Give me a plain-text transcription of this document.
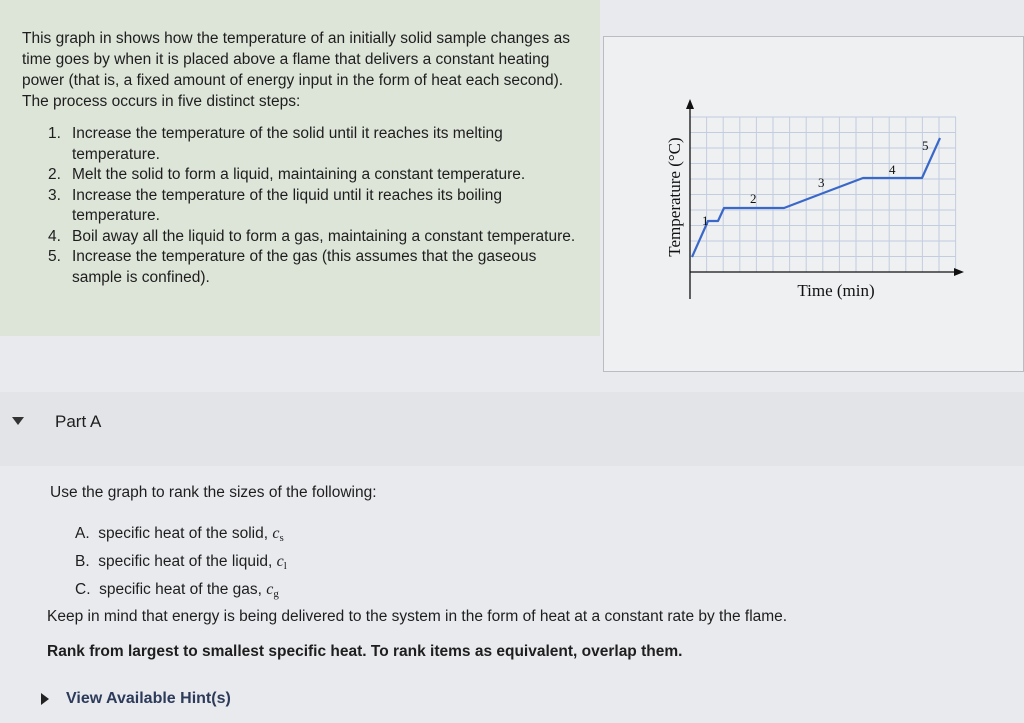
This graph in shows how the temperature of an initially solid sample changes as time goes by when it is placed above a flame that delivers a constant heating power (that is, a fixed amount of energy input in the form of heat each second). The process occurs in five distinct steps:

1. Increase the temperature of the solid until it reaches its melting temperature.
2. Melt the solid to form a liquid, maintaining a constant temperature.
3. Increase the temperature of the liquid until it reaches its boiling temperature.
4. Boil away all the liquid to form a gas, maintaining a constant temperature.
5. Increase the temperature of the gas (this assumes that the gaseous sample is confined).
Temperature (°C)
Time (min)
1
2
3
4
5
Part A
Use the graph to rank the sizes of the following:
A. specific heat of the solid, $c_s$
B. specific heat of the liquid, $c_l$
C. specific heat of the gas, $c_g$
Keep in mind that energy is being delivered to the system in the form of heat at a constant rate by the flame.
Rank from largest to smallest specific heat. To rank items as equivalent, overlap them.
View Available Hint(s)
